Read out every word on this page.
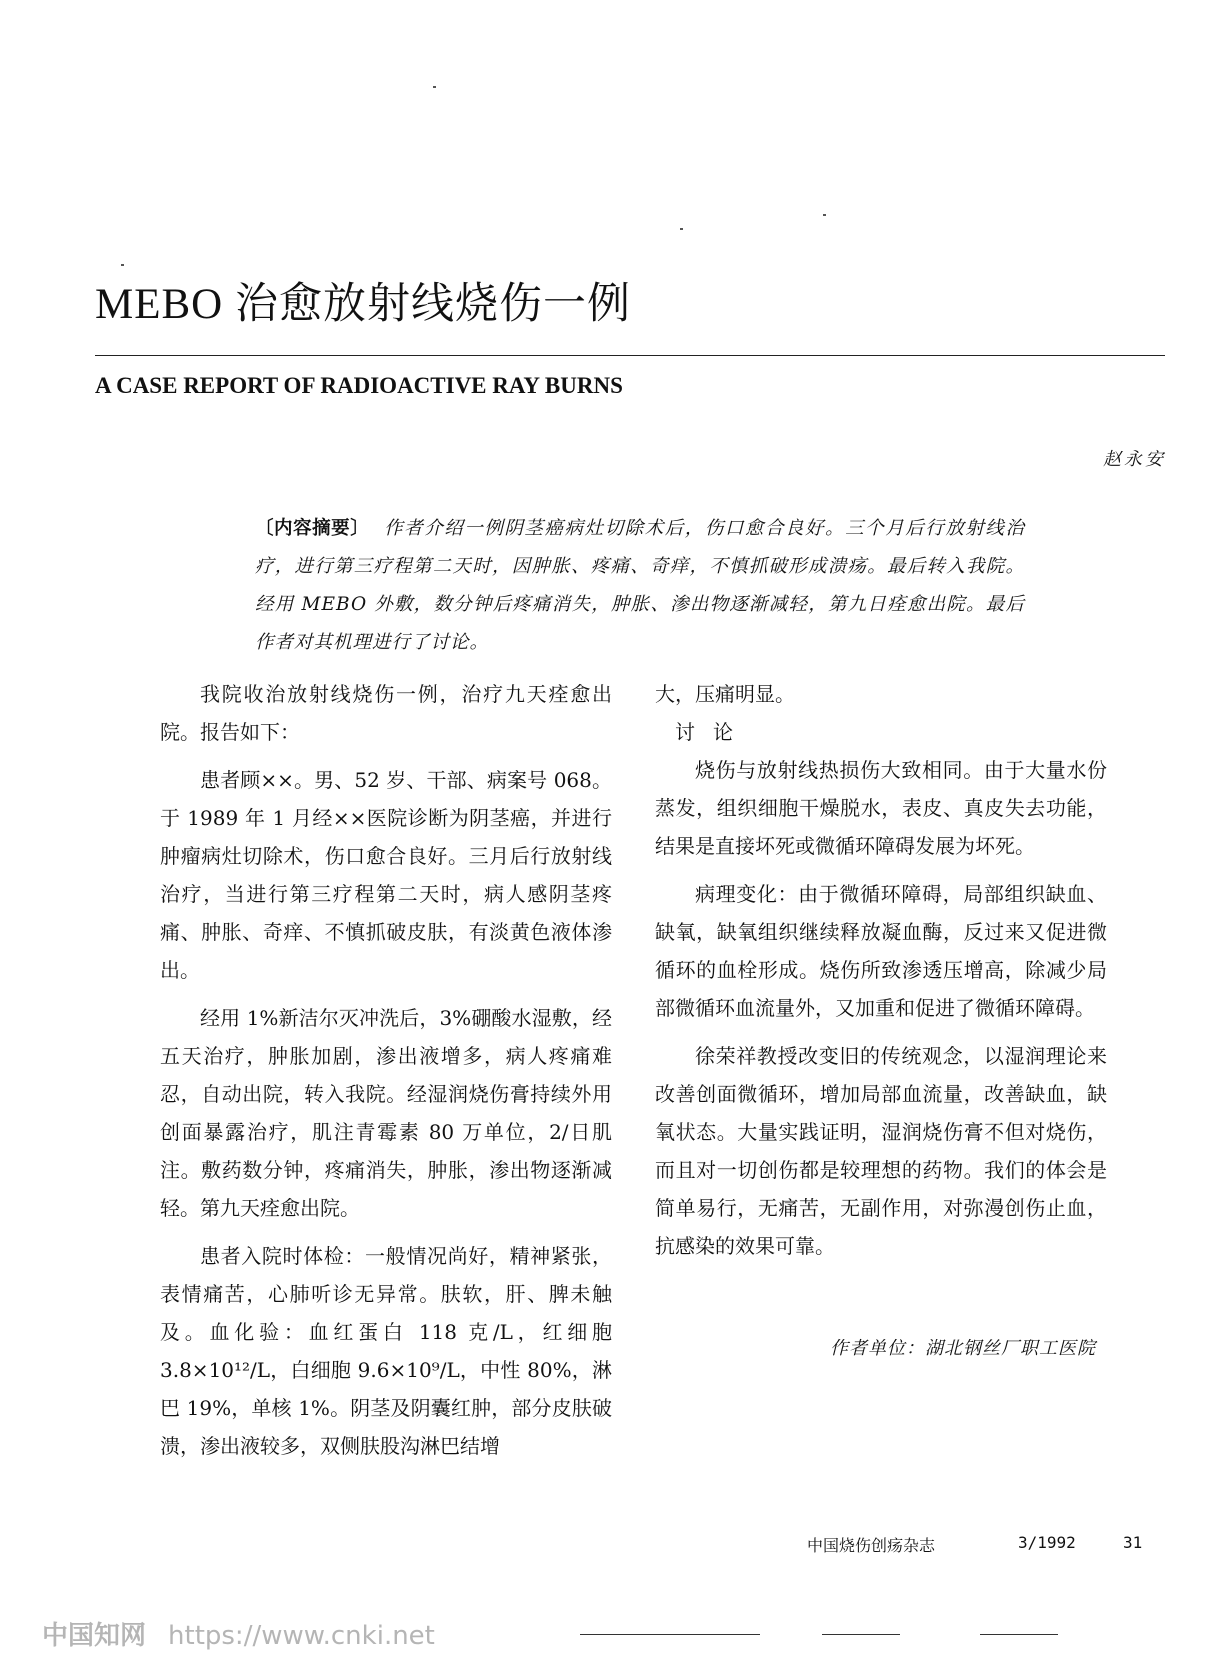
MEBO 治愈放射线烧伤一例
A CASE REPORT OF RADIOACTIVE RAY BURNS
赵永安
〔内容摘要〕 作者介绍一例阴茎癌病灶切除术后，伤口愈合良好。三个月后行放射线治疗，进行第三疗程第二天时，因肿胀、疼痛、奇痒，不慎抓破形成溃疡。最后转入我院。经用 MEBO 外敷，数分钟后疼痛消失，肿胀、渗出物逐渐减轻，第九日痊愈出院。最后作者对其机理进行了讨论。

我院收治放射线烧伤一例，治疗九天痊愈出院。报告如下：

患者顾××。男、52 岁、干部、病案号 068。于 1989 年 1 月经××医院诊断为阴茎癌，并进行肿瘤病灶切除术，伤口愈合良好。三月后行放射线治疗，当进行第三疗程第二天时，病人感阴茎疼痛、肿胀、奇痒、不慎抓破皮肤，有淡黄色液体渗出。

经用 1%新洁尔灭冲洗后，3%硼酸水湿敷，经五天治疗，肿胀加剧，渗出液增多，病人疼痛难忍，自动出院，转入我院。经湿润烧伤膏持续外用创面暴露治疗，肌注青霉素 80 万单位，2/日肌注。敷药数分钟，疼痛消失，肿胀，渗出物逐渐减轻。第九天痊愈出院。

患者入院时体检：一般情况尚好，精神紧张，表情痛苦，心肺听诊无异常。肤软，肝、脾未触及。血化验：血红蛋白 118 克/L，红细胞 3.8×10¹²/L，白细胞 9.6×10⁹/L，中性 80%，淋巴 19%，单核 1%。阴茎及阴囊红肿，部分皮肤破溃，渗出液较多，双侧肤股沟淋巴结增

大，压痛明显。

讨论

烧伤与放射线热损伤大致相同。由于大量水份蒸发，组织细胞干燥脱水，表皮、真皮失去功能，结果是直接坏死或微循环障碍发展为坏死。

病理变化：由于微循环障碍，局部组织缺血、缺氧，缺氧组织继续释放凝血酶，反过来又促进微循环的血栓形成。烧伤所致渗透压增高，除减少局部微循环血流量外，又加重和促进了微循环障碍。

徐荣祥教授改变旧的传统观念，以湿润理论来改善创面微循环，增加局部血流量，改善缺血，缺氧状态。大量实践证明，湿润烧伤膏不但对烧伤，而且对一切创伤都是较理想的药物。我们的体会是简单易行，无痛苦，无副作用，对弥漫创伤止血，抗感染的效果可靠。

作者单位：湖北钢丝厂职工医院
中国烧伤创疡杂志	3/1992	31
中国知网 https://www.cnki.net
